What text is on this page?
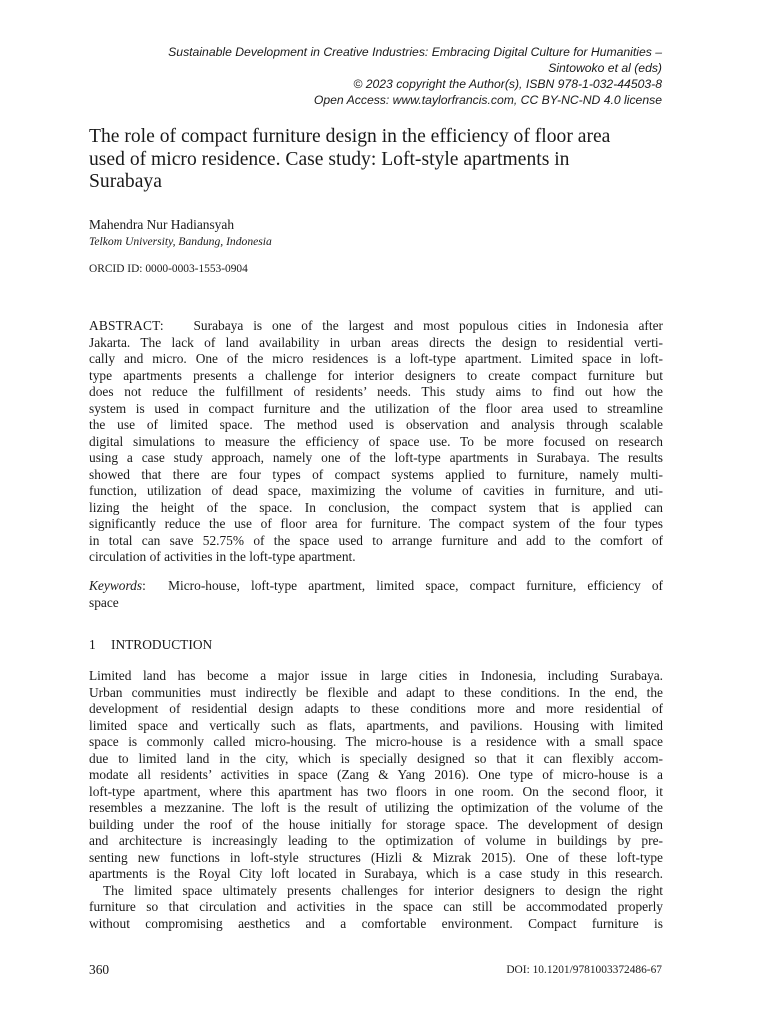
Sustainable Development in Creative Industries: Embracing Digital Culture for Humanities –
Sintowoko et al (eds)
© 2023 copyright the Author(s), ISBN 978-1-032-44503-8
Open Access: www.taylorfrancis.com, CC BY-NC-ND 4.0 license
The role of compact furniture design in the efficiency of floor area
used of micro residence. Case study: Loft-style apartments in
Surabaya
Mahendra Nur Hadiansyah
Telkom University, Bandung, Indonesia
ORCID ID: 0000-0003-1553-0904
ABSTRACT: Surabaya is one of the largest and most populous cities in Indonesia after
Jakarta. The lack of land availability in urban areas directs the design to residential verti-
cally and micro. One of the micro residences is a loft-type apartment. Limited space in loft-
type apartments presents a challenge for interior designers to create compact furniture but
does not reduce the fulfillment of residents’ needs. This study aims to find out how the
system is used in compact furniture and the utilization of the floor area used to streamline
the use of limited space. The method used is observation and analysis through scalable
digital simulations to measure the efficiency of space use. To be more focused on research
using a case study approach, namely one of the loft-type apartments in Surabaya. The results
showed that there are four types of compact systems applied to furniture, namely multi-
function, utilization of dead space, maximizing the volume of cavities in furniture, and uti-
lizing the height of the space. In conclusion, the compact system that is applied can
significantly reduce the use of floor area for furniture. The compact system of the four types
in total can save 52.75% of the space used to arrange furniture and add to the comfort of
circulation of activities in the loft-type apartment.
Keywords:  Micro-house, loft-type apartment, limited space, compact furniture, efficiency of
space
1 INTRODUCTION
Limited land has become a major issue in large cities in Indonesia, including Surabaya.
Urban communities must indirectly be flexible and adapt to these conditions. In the end, the
development of residential design adapts to these conditions more and more residential of
limited space and vertically such as flats, apartments, and pavilions. Housing with limited
space is commonly called micro-housing. The micro-house is a residence with a small space
due to limited land in the city, which is specially designed so that it can flexibly accom-
modate all residents’ activities in space (Zang & Yang 2016). One type of micro-house is a
loft-type apartment, where this apartment has two floors in one room. On the second floor, it
resembles a mezzanine. The loft is the result of utilizing the optimization of the volume of the
building under the roof of the house initially for storage space. The development of design
and architecture is increasingly leading to the optimization of volume in buildings by pre-
senting new functions in loft-style structures (Hizli & Mizrak 2015). One of these loft-type
apartments is the Royal City loft located in Surabaya, which is a case study in this research.
The limited space ultimately presents challenges for interior designers to design the right
furniture so that circulation and activities in the space can still be accommodated properly
without compromising aesthetics and a comfortable environment. Compact furniture is
360	DOI: 10.1201/9781003372486-67
